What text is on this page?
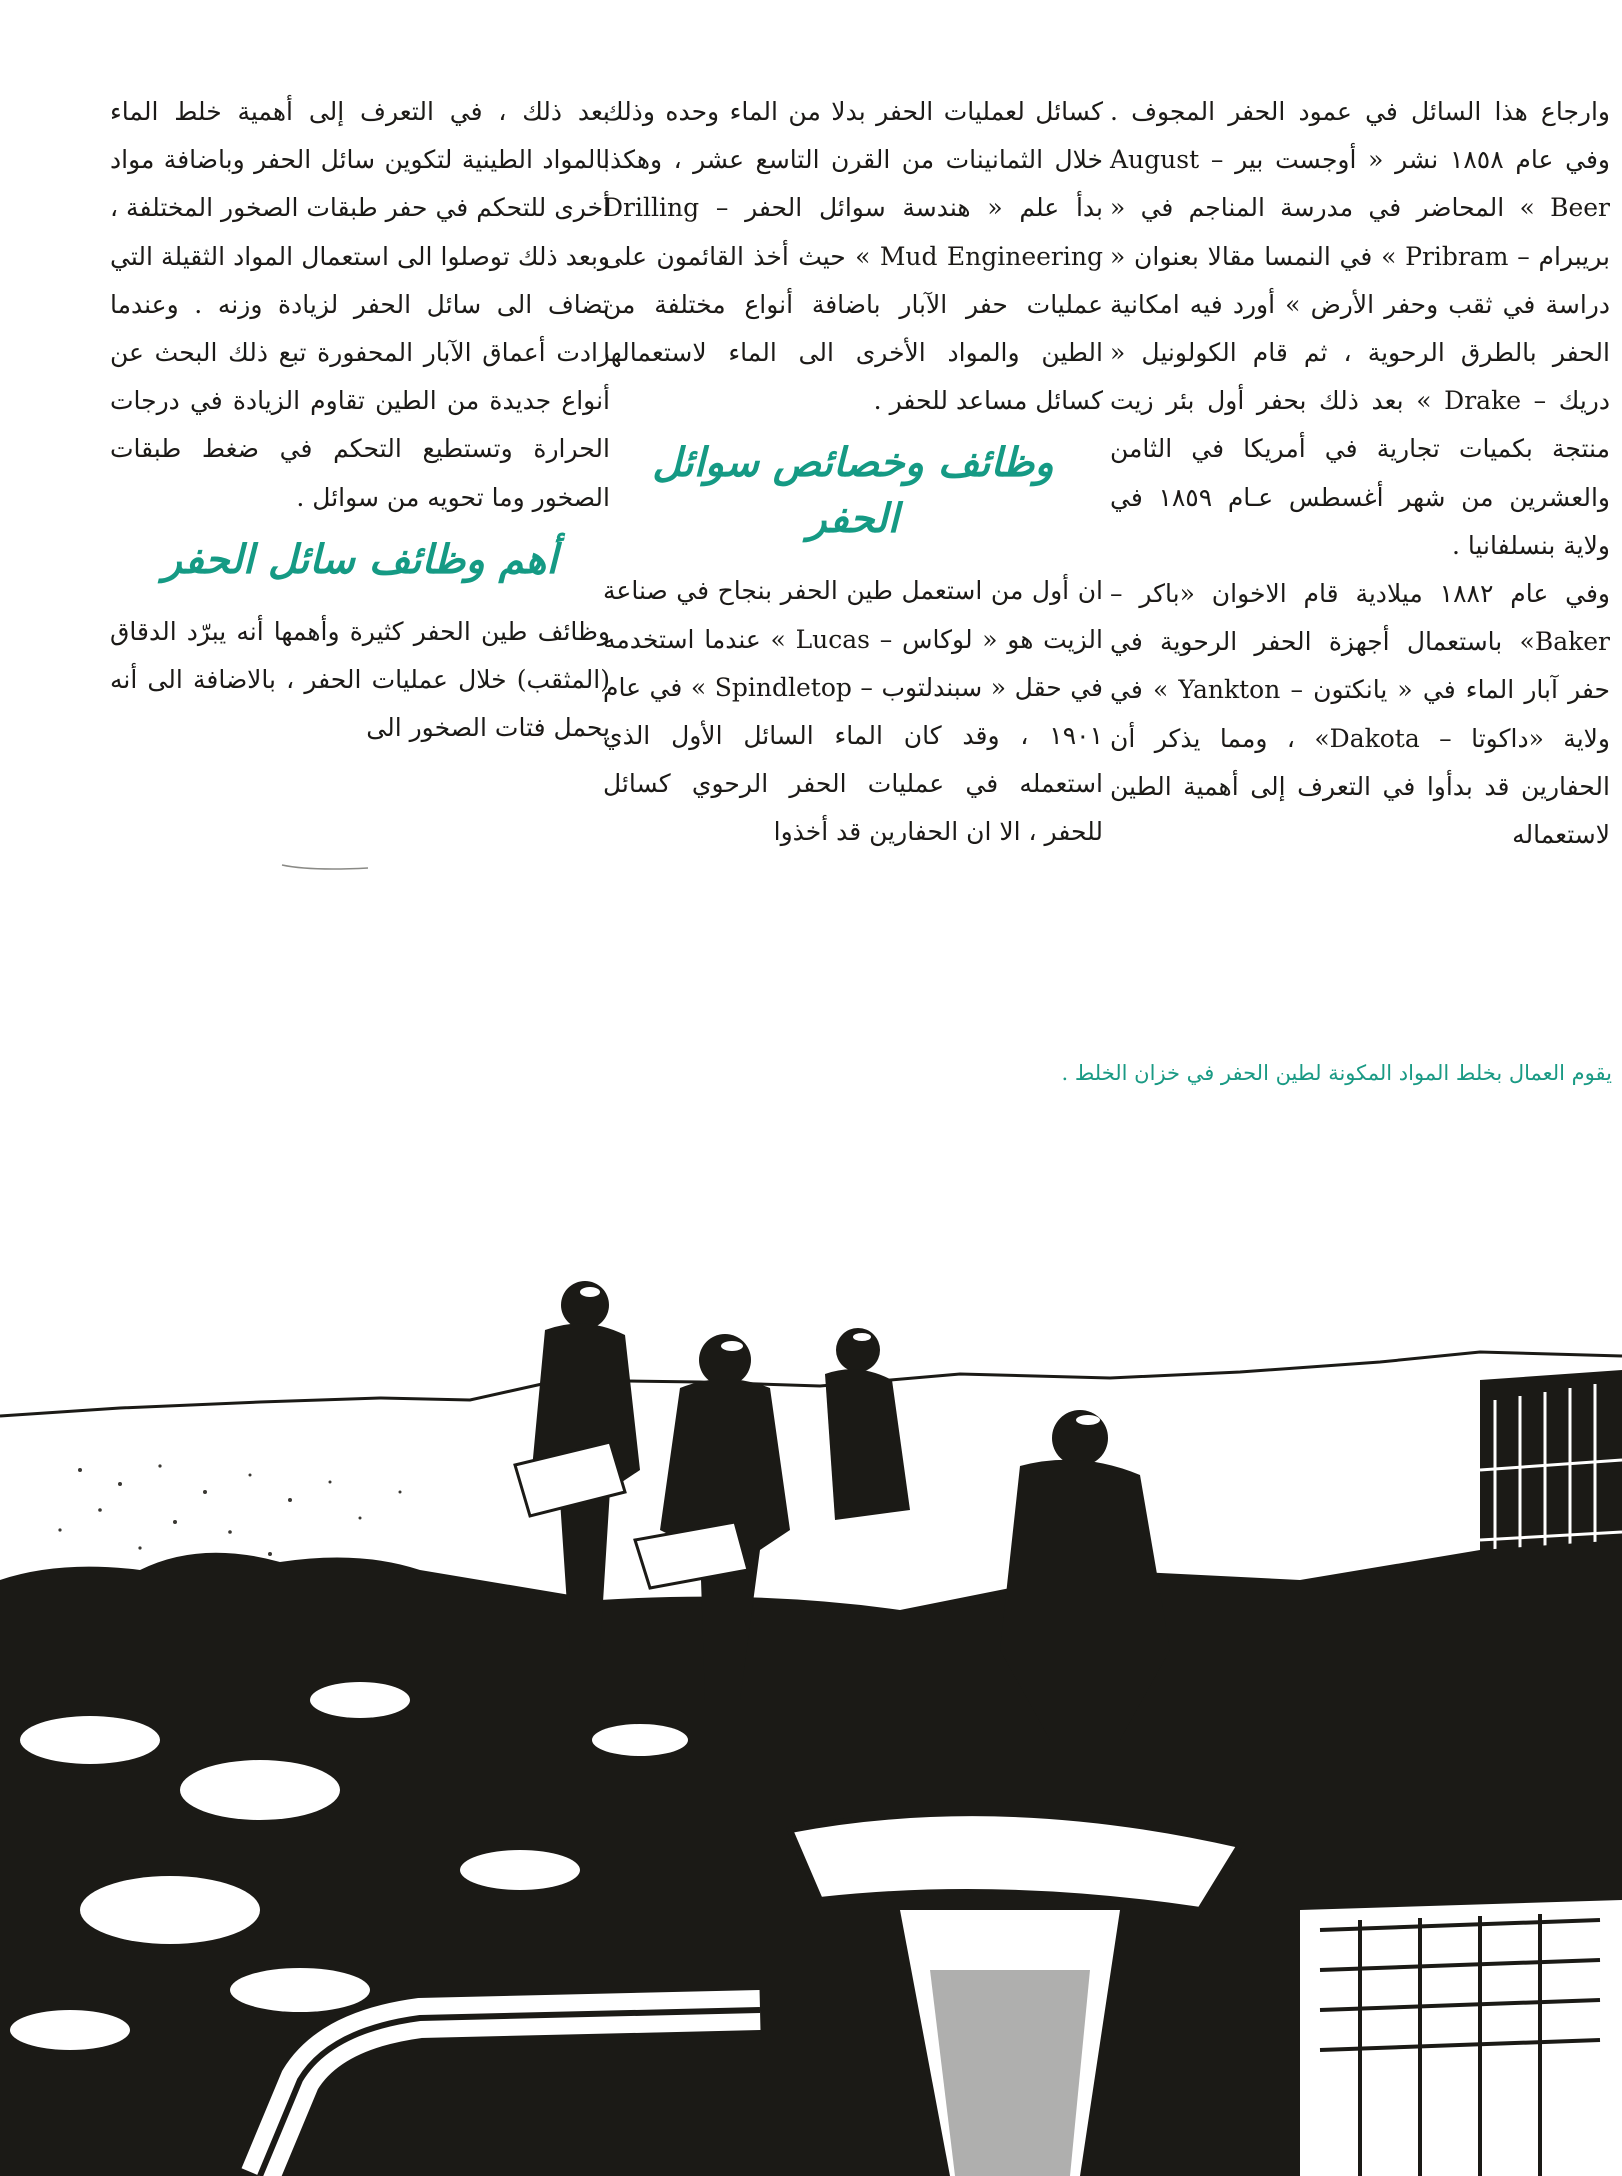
وارجاع هذا السائل في عمود الحفر المجوف . وفي عام ١٨٥٨ نشر « أوجست بير – August Beer » المحاضر في مدرسة المناجم في « بريبرام – Pribram » في النمسا مقالا بعنوان « دراسة في ثقب وحفر الأرض » أورد فيه امكانية الحفر بالطرق الرحوية ، ثم قام الكولونيل « دريك – Drake » بعد ذلك بحفر أول بئر زيت منتجة بكميات تجارية في أمريكا في الثامن والعشرين من شهر أغسطس عـام ١٨٥٩ في ولاية بنسلفانيا .

وفي عام ١٨٨٢ ميلادية قام الاخوان «باكر – Baker» باستعمال أجهزة الحفر الرحوية في حفر آبار الماء في « يانكتون – Yankton » في ولاية «داكوتا – Dakota» ، ومما يذكر أن الحفارين قد بدأوا في التعرف إلى أهمية الطين لاستعماله

كسائل لعمليات الحفر بدلا من الماء وحده وذلك خلال الثمانينات من القرن التاسع عشر ، وهكذا بدأ علم « هندسة سوائل الحفر – Drilling Mud Engineering » حيث أخذ القائمون على عمليات حفر الآبار باضافة أنواع مختلفة من الطين والمواد الأخرى الى الماء لاستعمالها كسائل مساعد للحفر .

وظائف وخصائص سوائل الحفر

ان أول من استعمل طين الحفر بنجاح في صناعة الزيت هو « لوكاس – Lucas » عندما استخدمه في حقل « سبندلتوب – Spindletop » في عام ١٩٠١ ، وقد كان الماء السائل الأول الذي استعمله في عمليات الحفر الرحوي كسائل للحفر ، الا ان الحفارين قد أخذوا

بعد ذلك ، في التعرف إلى أهمية خلط الماء بالمواد الطينية لتكوين سائل الحفر وباضافة مواد أخرى للتحكم في حفر طبقات الصخور المختلفة ، وبعد ذلك توصلوا الى استعمال المواد الثقيلة التي تضاف الى سائل الحفر لزيادة وزنه . وعندما زادت أعماق الآبار المحفورة تبع ذلك البحث عن أنواع جديدة من الطين تقاوم الزيادة في درجات الحرارة وتستطيع التحكم في ضغط طبقات الصخور وما تحويه من سوائل .

أهم وظائف سائل الحفر

وظائف طين الحفر كثيرة وأهمها أنه يبرّد الدقاق (المثقب) خلال عمليات الحفر ، بالاضافة الى أنه يحمل فتات الصخور الى

يقوم العمال بخلط المواد المكونة لطين الحفر في خزان الخلط .
